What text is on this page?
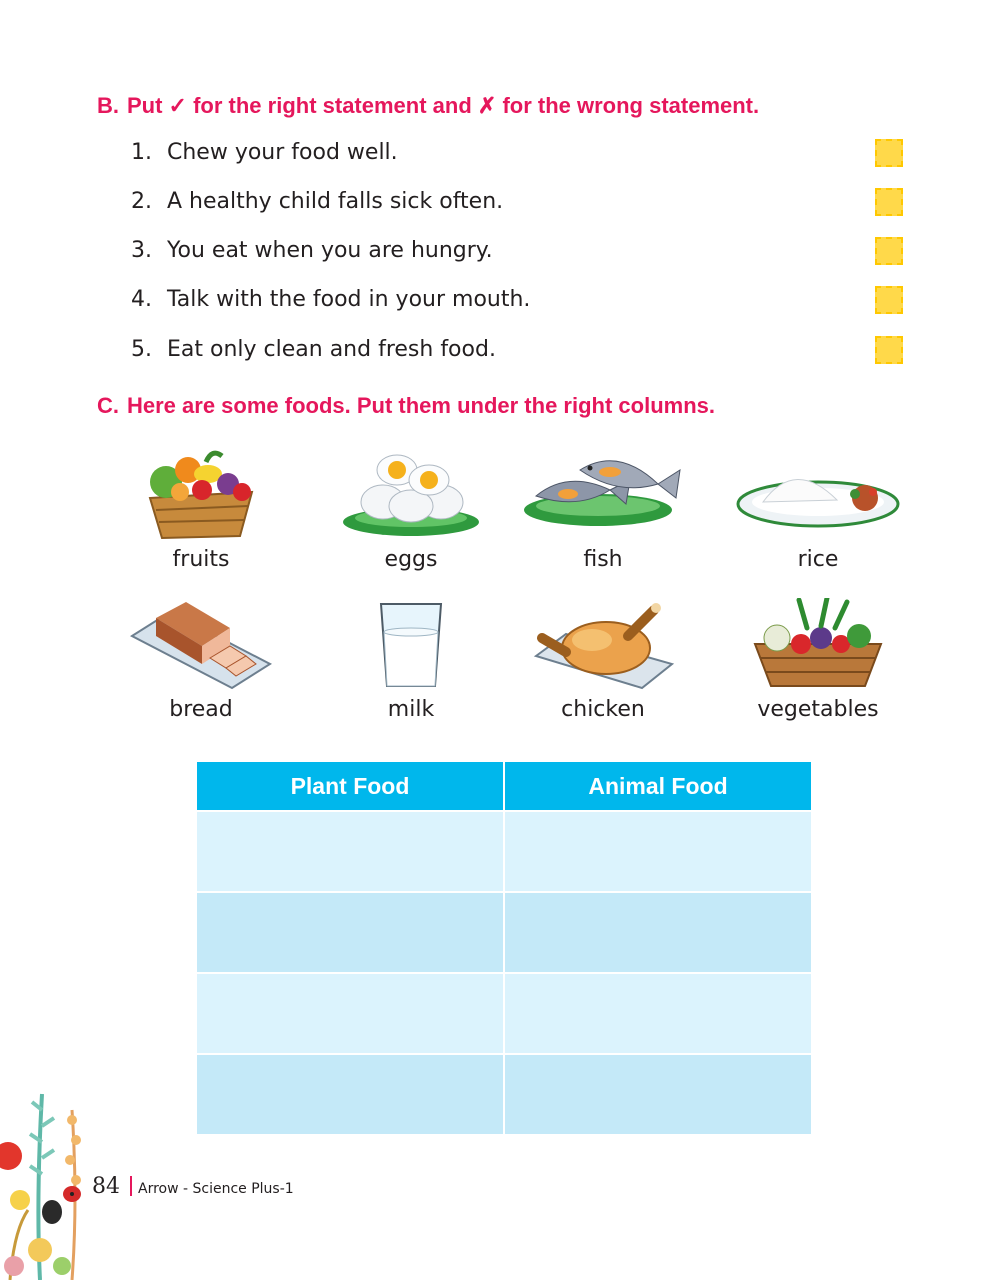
B. Put ✓ for the right statement and ✗ for the wrong statement.
1. Chew your food well.
2. A healthy child falls sick often.
3. You eat when you are hungry.
4. Talk with the food in your mouth.
5. Eat only clean and fresh food.
C. Here are some foods. Put them under the right columns.
fruits	eggs	fish	rice
bread	milk	chicken	vegetables
Plant Food	Animal Food

84 Arrow - Science Plus-1
